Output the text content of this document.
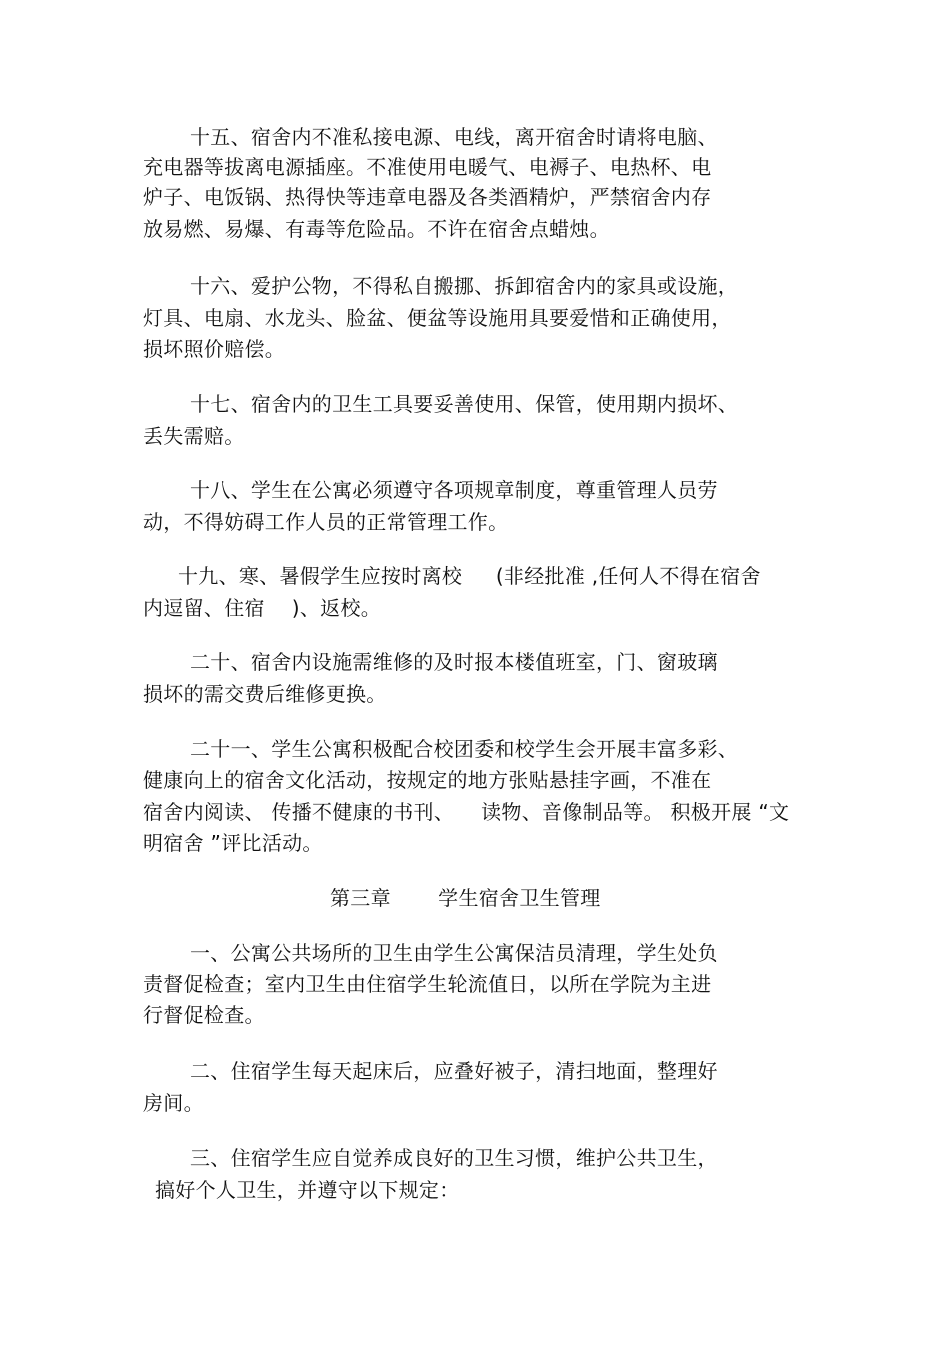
十五、宿舍内不准私接电源、电线，离开宿舍时请将电脑、
充电器等拔离电源插座。不准使用电暖气、电褥子、电热杯、电
炉子、电饭锅、热得快等违章电器及各类酒精炉，严禁宿舍内存
放易燃、易爆、有毒等危险品。不许在宿舍点蜡烛。
十六、爱护公物，不得私自搬挪、拆卸宿舍内的家具或设施，
灯具、电扇、水龙头、脸盆、便盆等设施用具要爱惜和正确使用，
损坏照价赔偿。
十七、宿舍内的卫生工具要妥善使用、保管，使用期内损坏、
丢失需赔。
十八、学生在公寓必须遵守各项规章制度，尊重管理人员劳
动，不得妨碍工作人员的正常管理工作。
十九、寒、暑假学生应按时离校 　 (非经批准 ,任何人不得在宿舍
内逗留、住宿 　)、返校。
二十、宿舍内设施需维修的及时报本楼值班室，门、窗玻璃
损坏的需交费后维修更换。
二十一、学生公寓积极配合校团委和校学生会开展丰富多彩、
健康向上的宿舍文化活动，按规定的地方张贴悬挂字画，不准在
宿舍内阅读、 传播不健康的书刊、 　读物、音像制品等。 积极开展 “文
明宿舍 ”评比活动。
第三章 　　学生宿舍卫生管理
一、公寓公共场所的卫生由学生公寓保洁员清理，学生处负
责督促检查；室内卫生由住宿学生轮流值日，以所在学院为主进
行督促检查。
二、住宿学生每天起床后，应叠好被子，清扫地面，整理好
房间。
三、住宿学生应自觉养成良好的卫生习惯，维护公共卫生，
搞好个人卫生，并遵守以下规定：
